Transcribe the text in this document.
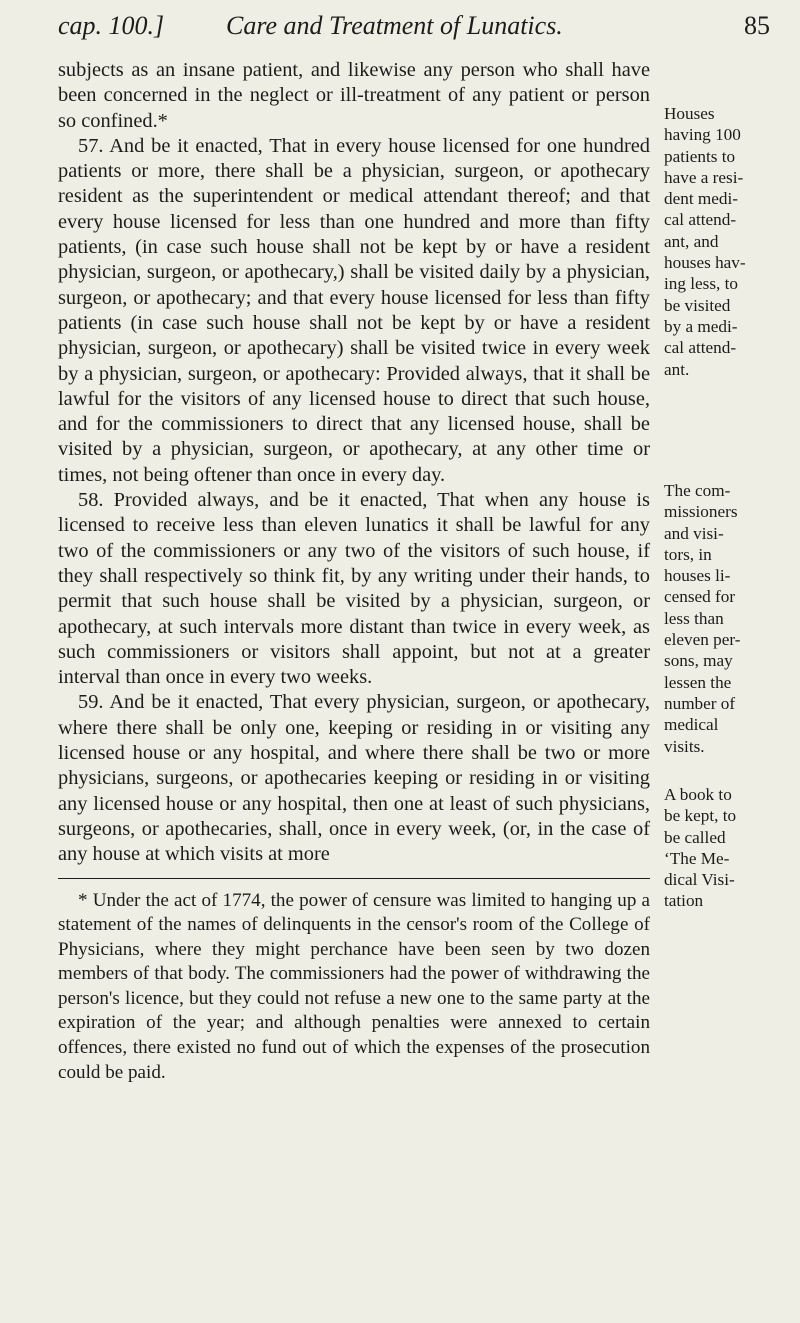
cap. 100.] Care and Treatment of Lunatics.	85

subjects as an insane patient, and likewise any person who shall have been concerned in the neglect or ill-treatment of any patient or person so confined.*

57. And be it enacted, That in every house licensed for one hundred patients or more, there shall be a physician, surgeon, or apothecary resident as the superintendent or medical attendant thereof; and that every house licensed for less than one hundred and more than fifty patients, (in case such house shall not be kept by or have a resident physician, surgeon, or apothecary,) shall be visited daily by a physician, surgeon, or apothecary; and that every house licensed for less than fifty patients (in case such house shall not be kept by or have a resident physician, surgeon, or apothecary) shall be visited twice in every week by a physician, surgeon, or apothecary: Provided always, that it shall be lawful for the visitors of any licensed house to direct that such house, and for the commissioners to direct that any licensed house, shall be visited by a physician, surgeon, or apothecary, at any other time or times, not being oftener than once in every day.

58. Provided always, and be it enacted, That when any house is licensed to receive less than eleven lunatics it shall be lawful for any two of the commissioners or any two of the visitors of such house, if they shall respectively so think fit, by any writing under their hands, to permit that such house shall be visited by a physician, surgeon, or apothecary, at such intervals more distant than twice in every week, as such commissioners or visitors shall appoint, but not at a greater interval than once in every two weeks.

59. And be it enacted, That every physician, surgeon, or apothecary, where there shall be only one, keeping or residing in or visiting any licensed house or any hospital, and where there shall be two or more physicians, surgeons, or apothecaries keeping or residing in or visiting any licensed house or any hospital, then one at least of such physicians, surgeons, or apothecaries, shall, once in every week, (or, in the case of any house at which visits at more

* Under the act of 1774, the power of censure was limited to hanging up a statement of the names of delinquents in the censor's room of the College of Physicians, where they might perchance have been seen by two dozen members of that body. The commissioners had the power of withdrawing the person's licence, but they could not refuse a new one to the same party at the expiration of the year; and although penalties were annexed to certain offences, there existed no fund out of which the expenses of the prosecution could be paid.

Houses
having 100
patients to
have a resi-
dent medi-
cal attend-
ant, and
houses hav-
ing less, to
be visited
by a medi-
cal attend-
ant.
The com-
missioners
and visi-
tors, in
houses li-
censed for
less than
eleven per-
sons, may
lessen the
number of
medical
visits.
A book to
be kept, to
be called
‘The Me-
dical Visi-
tation
